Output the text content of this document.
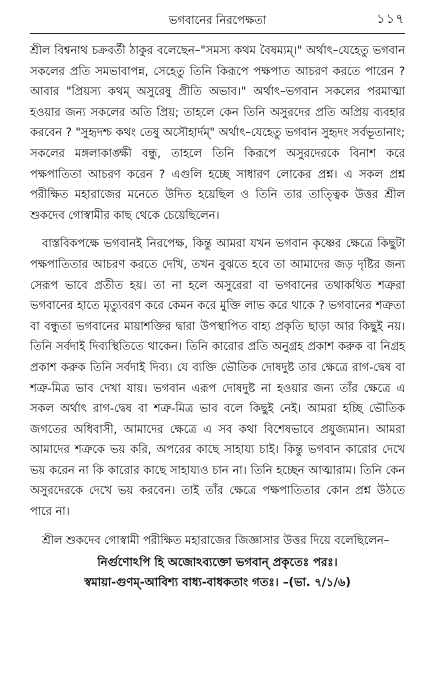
ভগবানের নিরপেক্ষতা	১১৭

শ্রীল বিশ্বনাথ চক্রবর্তী ঠাকুর বলেছেন–"সমস্য কথম বৈষম্যম্।" অর্থাৎ–যেহেতু ভগবান সকলের প্রতি সমভাবাপন্ন, সেহেতু তিনি কিরূপে পক্ষপাত আচরণ করতে পারেন ? আবার "প্রিয়স্য কথম্ অসুরেষু প্রীতি অভাব।" অর্থাৎ–ভগবান সকলের পরমাত্মা হওয়ার জন্য সকলের অতি প্রিয়; তাহলে কেন তিনি অসুরদের প্রতি অপ্রিয় ব্যবহার করবেন ? "সুহৃদশ্চ কথং তেষু অসৌহার্দম্" অর্থাৎ–যেহেতু ভগবান সুহৃদং সর্বভূতানাং; সকলের মঙ্গলাকাঙ্ক্ষী বন্ধু, তাহলে তিনি কিরূপে অসুরদেরকে বিনাশ করে পক্ষপাতিতা আচরণ করেন ? এগুলি হচ্ছে সাধারণ লোকের প্রশ্ন। এ সকল প্রশ্ন পরীক্ষিত মহারাজের মনেতে উদিত হয়েছিল ও তিনি তার তাত্ত্বিক উত্তর শ্রীল শুকদেব গোস্বামীর কাছ থেকে চেয়েছিলেন।

বাস্তবিকপক্ষে ভগবানই নিরপেক্ষ, কিন্তু আমরা যখন ভগবান কৃষ্ণের ক্ষেত্রে কিছুটা পক্ষপাতিতার আচরণ করতে দেখি, তখন বুঝতে হবে তা আমাদের জড় দৃষ্টির জন্য সেরূপ ভাবে প্রতীত হয়। তা না হলে অসুরেরা বা ভগবানের তথাকথিত শত্রুরা ভগবানের হাতে মৃত্যুবরণ করে কেমন করে মুক্তি লাভ করে থাকে ? ভগবানের শত্রুতা বা বন্ধুতা ভগবানের মায়াশক্তির দ্বারা উপস্থাপিত বাহ্য প্রকৃতি ছাড়া আর কিছুই নয়। তিনি সর্বদাই দিব্যস্থিতিতে থাকেন। তিনি কারোর প্রতি অনুগ্রহ প্রকাশ করুক বা নিগ্রহ প্রকাশ করুক তিনি সর্বদাই দিব্য। যে ব্যক্তি ভৌতিক দোষদুষ্ট তার ক্ষেত্রে রাগ-দ্বেষ বা শত্রু-মিত্র ভাব দেখা যায়। ভগবান এরূপ দোষদুষ্ট না হওয়ার জন্য তাঁর ক্ষেত্রে এ সকল অর্থাৎ রাগ-দ্বেষ বা শত্রু-মিত্র ভাব বলে কিছুই নেই। আমরা হচ্ছি ভৌতিক জগতের অধিবাসী, আমাদের ক্ষেত্রে এ সব কথা বিশেষভাবে প্রযুজ্যমান। আমরা আমাদের শত্রুকে ভয় করি, অপরের কাছে সাহায্য চাই। কিন্তু ভগবান কারোর দেখে ভয় করেন না কি কারোর কাছে সাহায্যও চান না। তিনি হচ্ছেন আত্মারাম। তিনি কেন অসুরদেরকে দেখে ভয় করবেন। তাই তাঁর ক্ষেত্রে পক্ষপাতিতার কোন প্রশ্ন উঠতে পারে না।

শ্রীল শুকদেব গোস্বামী পরীক্ষিত মহারাজের জিজ্ঞাসার উত্তর দিয়ে বলেছিলেন–

নির্গুণোঽপি হি অজোঽব্যক্তো ভগবান্ প্রকৃতেঃ পরঃ।
স্বমায়া-গুণম্-আবিশ্য বাধ্য-বাধকতাং গতঃ। –(ভা. ৭/১/৬)
